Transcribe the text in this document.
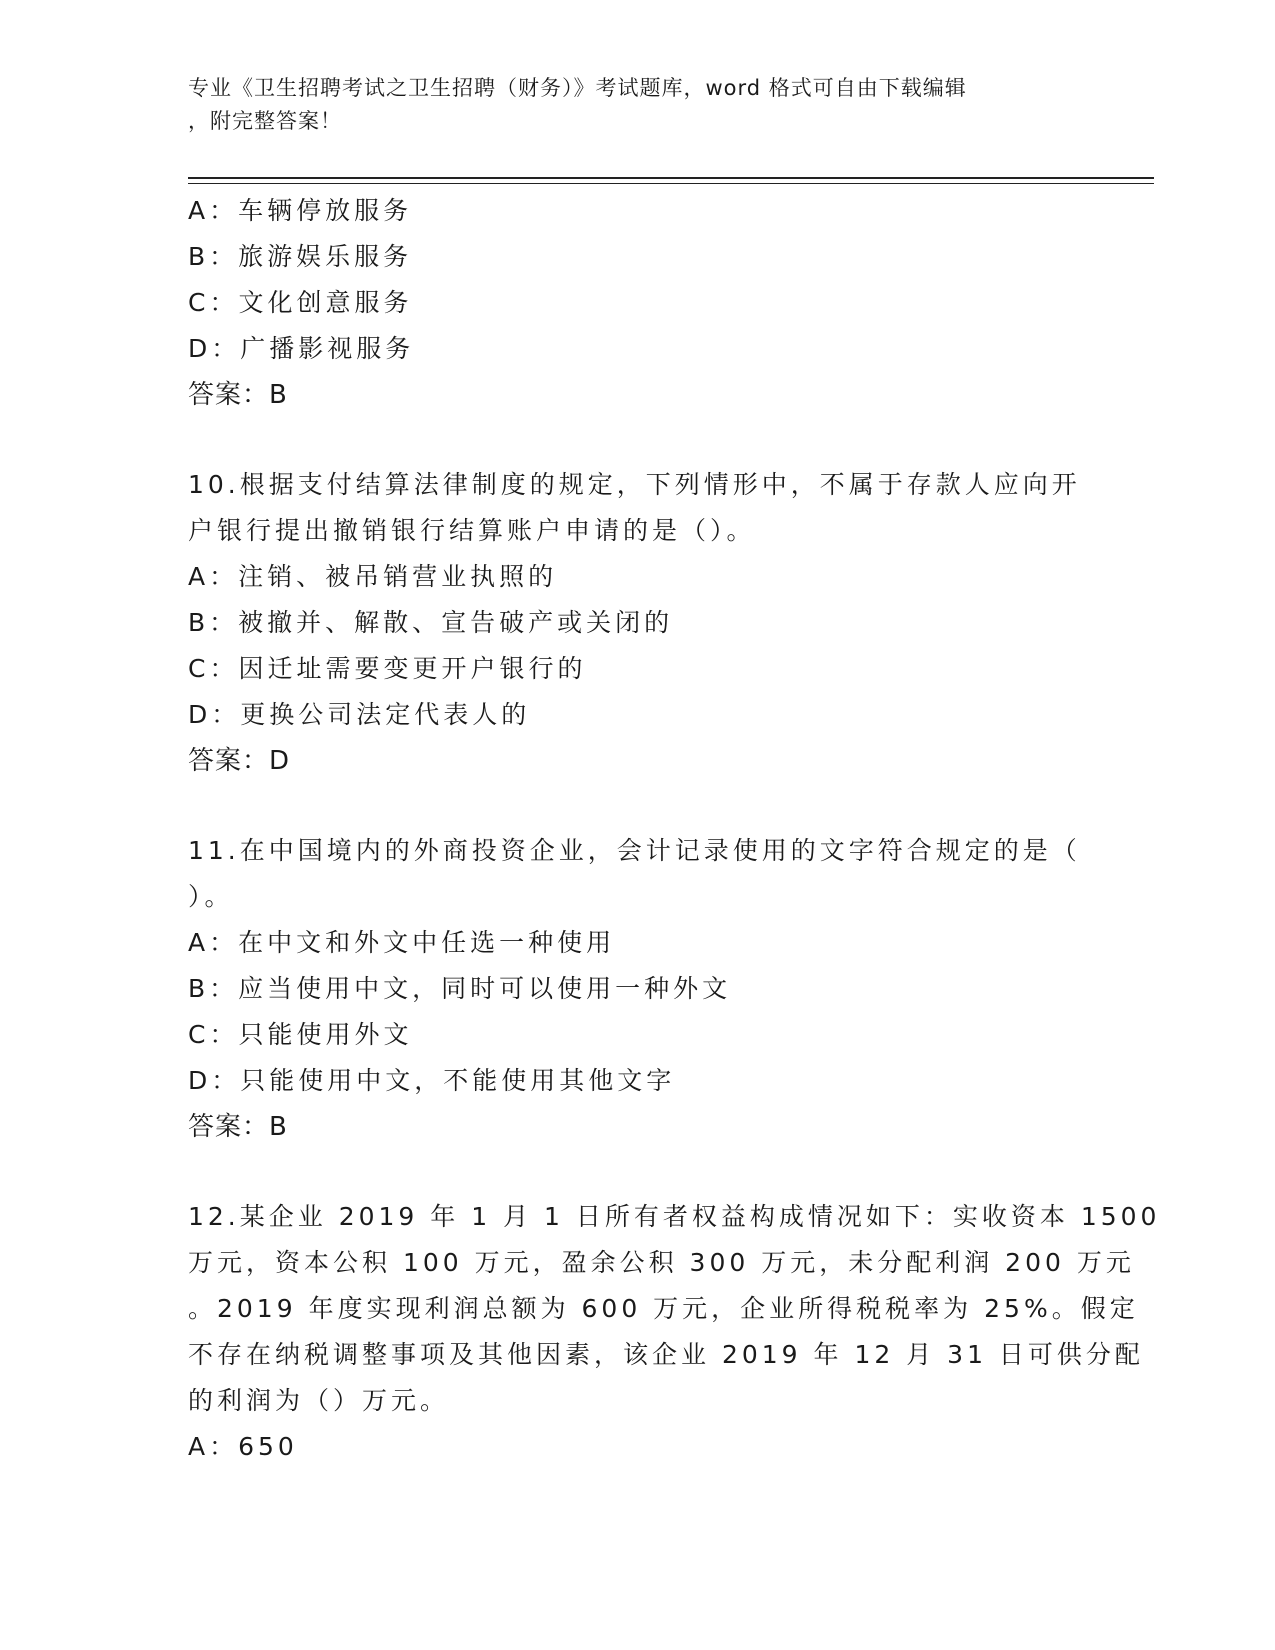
专业《卫生招聘考试之卫生招聘（财务）》考试题库，word 格式可自由下载编辑
，附完整答案！
A：车辆停放服务
B：旅游娱乐服务
C：文化创意服务
D：广播影视服务
答案：B
10.根据支付结算法律制度的规定，下列情形中，不属于存款人应向开
户银行提出撤销银行结算账户申请的是（）。
A：注销、被吊销营业执照的
B：被撤并、解散、宣告破产或关闭的
C：因迁址需要变更开户银行的
D：更换公司法定代表人的
答案：D
11.在中国境内的外商投资企业，会计记录使用的文字符合规定的是（
）。
A：在中文和外文中任选一种使用
B：应当使用中文，同时可以使用一种外文
C：只能使用外文
D：只能使用中文，不能使用其他文字
答案：B
12.某企业 2019 年 1 月 1 日所有者权益构成情况如下：实收资本 1500
万元，资本公积 100 万元，盈余公积 300 万元，未分配利润 200 万元
。2019 年度实现利润总额为 600 万元，企业所得税税率为 25%。假定
不存在纳税调整事项及其他因素，该企业 2019 年 12 月 31 日可供分配
的利润为（）万元。
A：650
